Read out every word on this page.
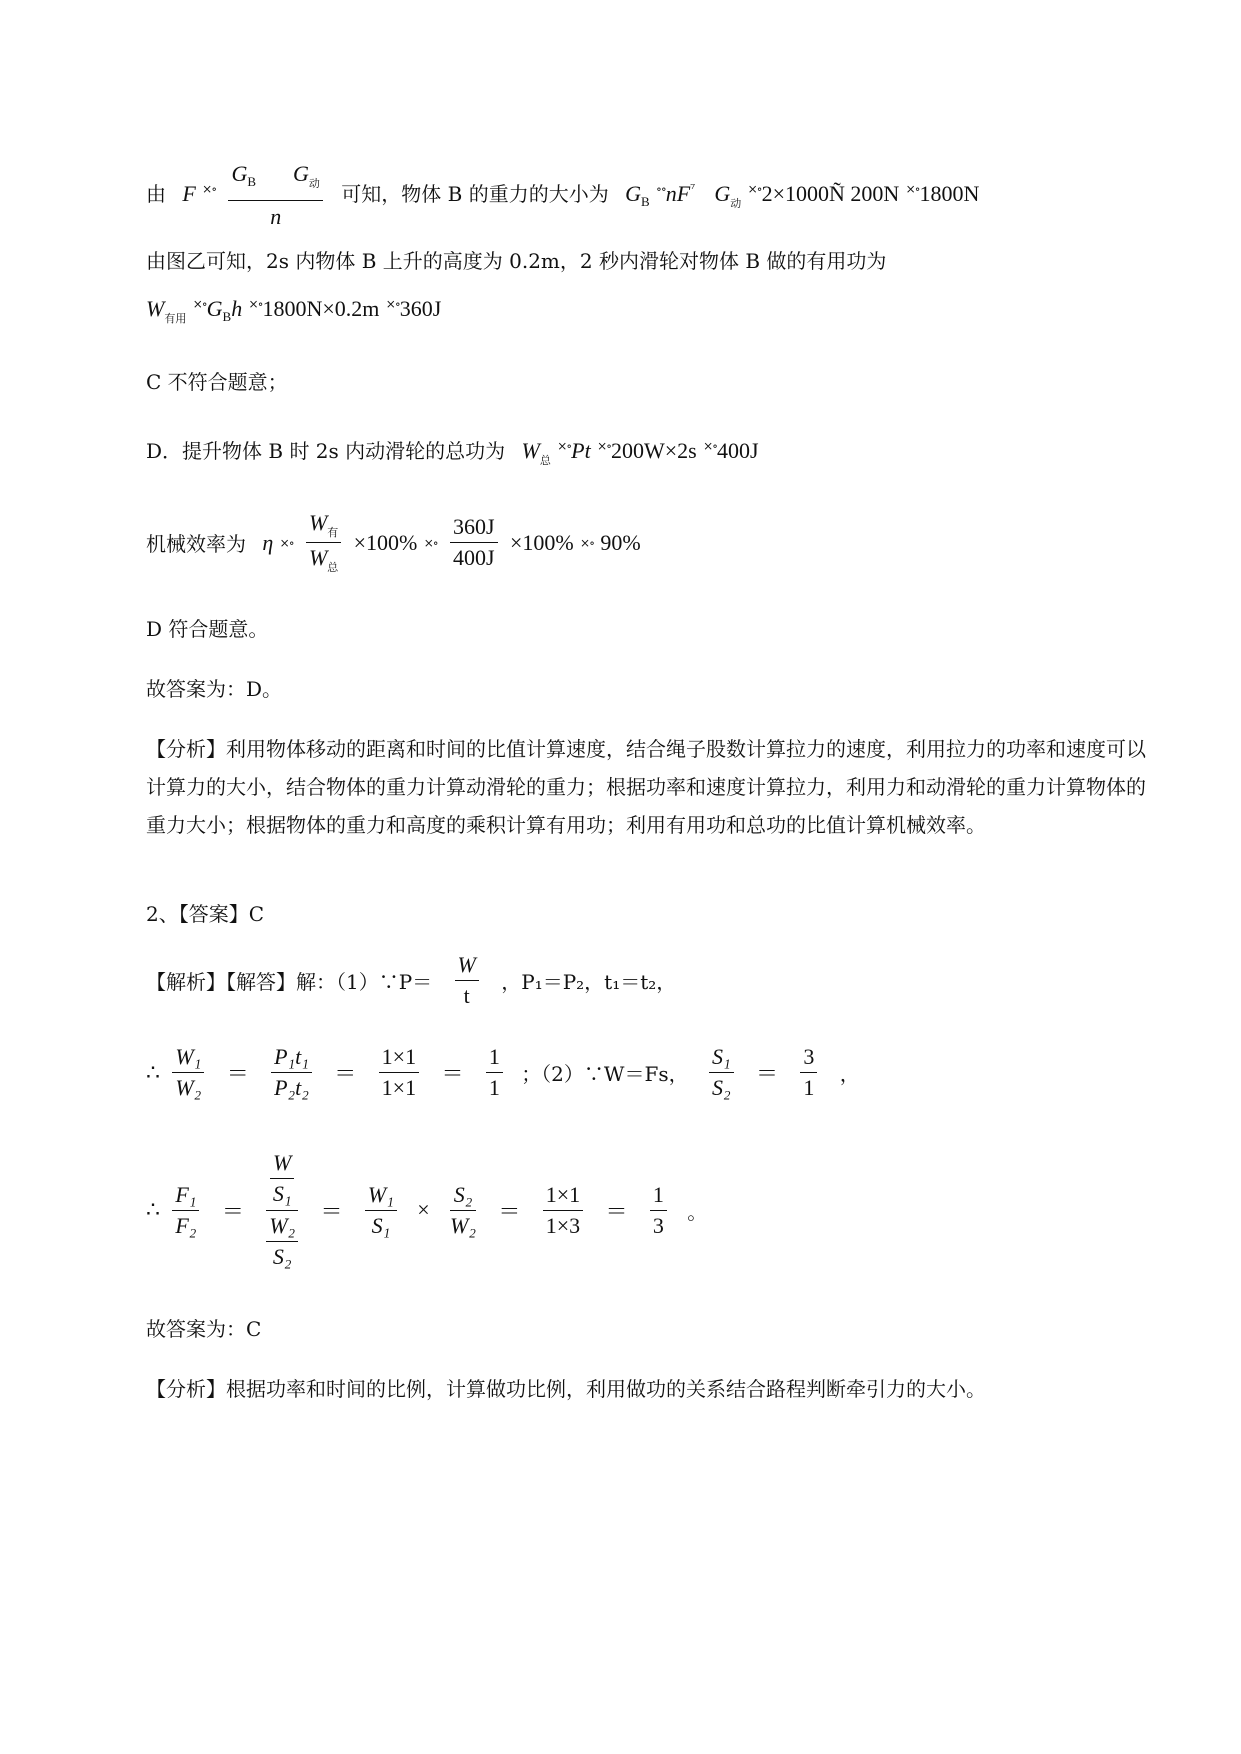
由 F $^{\times\circ} \frac{G_B G_动}{n}$ 可知，物体 B 的重力的大小为 $G_B$ $^{\circ\circ}nF^{^7}$ $G_动$ ×∘2×1000Ñ 200N ×∘1800N
由图乙可知，2s 内物体 B 上升的高度为 0.2m，2 秒内滑轮对物体 B 做的有用功为
$W_{有用}$ $^{\times\circ}G_Bh$ ×∘1800N×0.2m ×∘360J
C 不符合题意；
D．提升物体 B 时 2s 内动滑轮的总功为 $W_总$ ×∘Pt ×∘200W×2s ×∘400J
机械效率为 η ×∘ $\frac{W_有}{W_总} \times 100\%$ ×∘ $\frac{360J}{400J} \times 100\%$ ×∘ 90%
D 符合题意。
故答案为：D。
【分析】利用物体移动的距离和时间的比值计算速度，结合绳子股数计算拉力的速度，利用拉力的功率和速度可以计算力的大小，结合物体的重力计算动滑轮的重力；根据功率和速度计算拉力，利用力和动滑轮的重力计算物体的重力大小；根据物体的重力和高度的乘积计算有用功；利用有用功和总功的比值计算机械效率。
2、【答案】C
【解析】【解答】解：（1）∵P＝ $\frac{W}{t}$ ，P₁＝P₂，t₁＝t₂，
∴ $\frac{\text{W₁}}{\text{W₂}} = \frac{\text{P₁t₁}}{\text{P₂t₂}} = \frac{1\times 1}{1\times 1} = \frac{1}{1}$ ；（2）∵W＝Fs， $\frac{\text{S₁}}{\text{S₂}} = \frac{3}{1}$ ，
∴ $\frac{\text{F₁}}{\text{F₂}} = \frac{\frac{W}{\text{S₁}}}{\frac{\text{W₂}}{\text{S₂}}} = \frac{\text{W₁}}{\text{S₁}} \times \frac{\text{S₂}}{\text{W₂}} = \frac{1\times 1}{1\times 3} = \frac{1}{3}$ 。
故答案为：C
【分析】根据功率和时间的比例，计算做功比例，利用做功的关系结合路程判断牵引力的大小。
